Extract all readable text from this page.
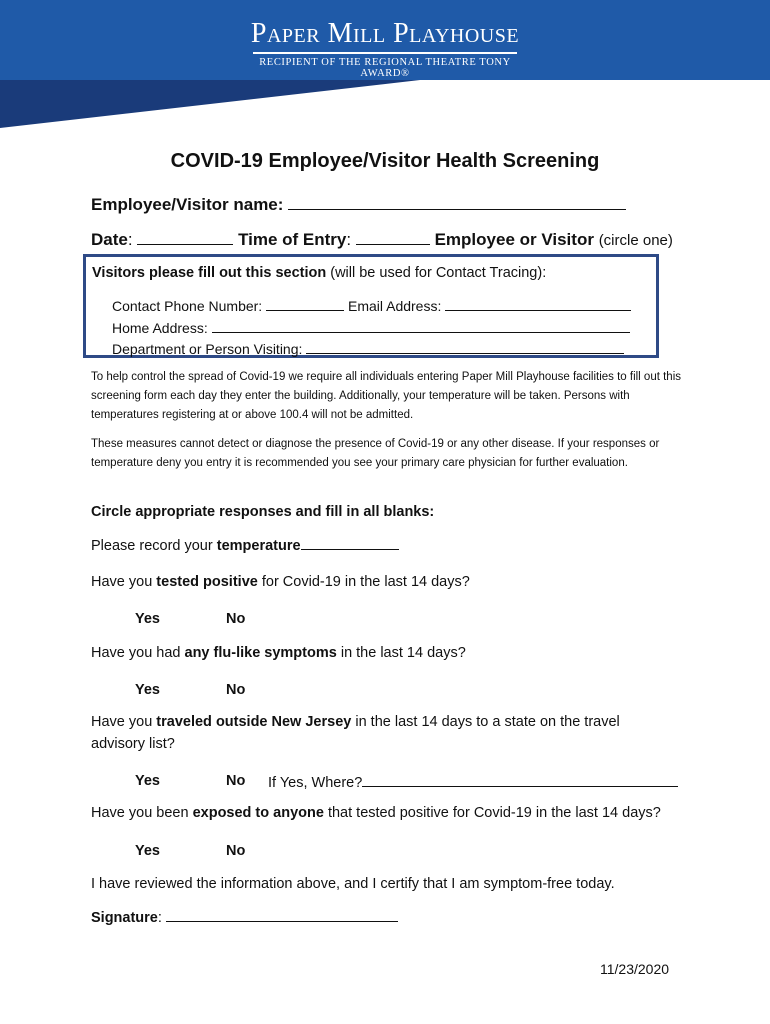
Paper Mill Playhouse
RECIPIENT OF THE REGIONAL THEATRE TONY AWARD®
COVID-19 Employee/Visitor Health Screening
Employee/Visitor name:
Date:	Time of Entry:	Employee or Visitor (circle one)
Visitors please fill out this section (will be used for Contact Tracing):
Contact Phone Number:	Email Address:
Home Address:
Department or Person Visiting:
To help control the spread of Covid-19 we require all individuals entering Paper Mill Playhouse facilities to fill out this screening form each day they enter the building. Additionally, your temperature will be taken. Persons with temperatures registering at or above 100.4 will not be admitted.
These measures cannot detect or diagnose the presence of Covid-19 or any other disease. If your responses or temperature deny you entry it is recommended you see your primary care physician for further evaluation.
Circle appropriate responses and fill in all blanks:
Please record your temperature
Have you tested positive for Covid-19 in the last 14 days?
Yes	No
Have you had any flu-like symptoms in the last 14 days?
Yes	No
Have you traveled outside New Jersey in the last 14 days to a state on the travel
advisory list?
Yes	No If Yes, Where?
Have you been exposed to anyone that tested positive for Covid-19 in the last 14 days?
Yes	No
I have reviewed the information above, and I certify that I am symptom-free today.
Signature:
11/23/2020
